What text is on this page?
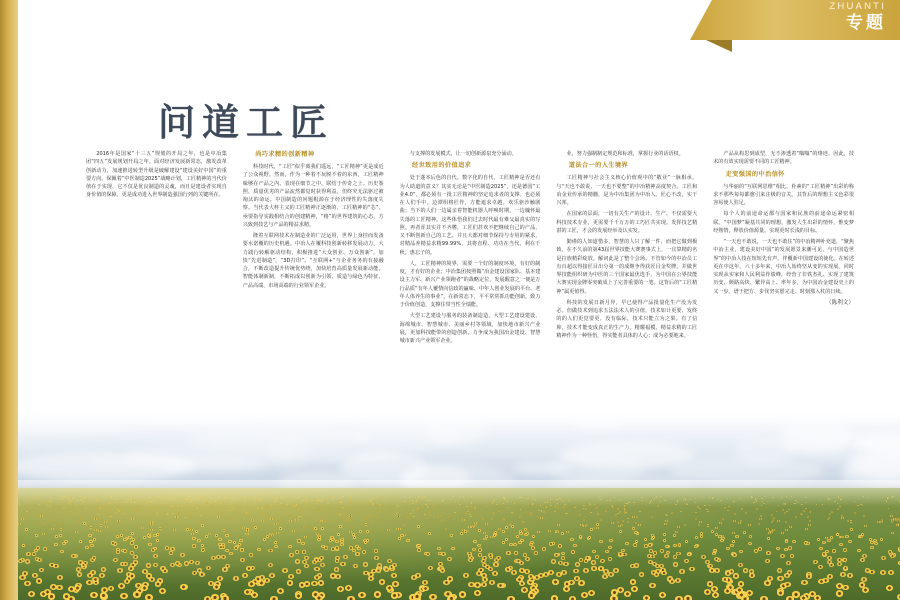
ZHUANTI
专题
问道工匠

2016年是国家“十三五”规划的开局之年，也是中冶集团“四五”发展规划开局之年。面对经济发展新常态，激发改革创新动力，加速推进转型升级是破解建设“建设美好中国”的重要方向。保额着“中医制造2025”战略计划，工匠精神的当代价值在于实现，它不仅是优良制造的灵魂，而且是建设者实现自身价值的保障，更是成功进入世界制造强国行列的关键所在。

尚巧求精的创新精神

科技时代，“工匠”似乎离我们遥远，“工匠精神”更是成近了公众视野。然而，作为一种着不玩脱不着的东西，工匠精神味够在产品之内、表现在细节之中、联结于传奇之上。历史鉴照，质量优劣的产品流然都觉时获得利益，但终究无法驱过被淘汰的命运。中国制造的问题根源在于经济理性的失落度失察。当代表大杯主义的工匠精神正逐渐的，工匠精神的“芯”，亟要指导实践相结合的创建精神，“格”的世界建筑的心态，方兴致到技艺与产品的精益求精。

隆着互联网技术在制造业的广泛运用，世界上身挂而发备要水诺覆的历史机遇。中冶人在覆科技创新转移发展动力，大力践行转解驱动结构，积极推进“大众创业、万众创新”，加快“先进制造”、“3D打印”、“互联网+”与企业务务的有接融合，不断改造提升传统优势绕，加快培育高质量发展新动能。智能体制新制，不断拓成以创新为引领、质造与绿色为特征、产品高端、市场高端的行业领军企业。

与支撑的发展模式，让一切创新源泉充分涌动。

经世致用的价值追求

处于蓬本后色的自代。数字化的自代，工匠精神是否还有为人助道的意义？其实无论是“中医制造2025”，还是德国“工业4.0”，都必须有一批工匠精神的坚定追求者的支撑。也必须在人们手中。边潭组格匠作，方能遮求卓越。欢乐驱沙触剧曲；当下的人们一边属亲着智能机器人呼唤时期，一边魄怀最失落的工匠精神。这些体悟我们过去时代最有难父最真实的写照。再者浑其实并不齐嗜，工匠们甚欢不把继续自己的产品，又不断创新自己的工艺。并且大都对细节保持与专用的紧求，对精品养精益求精99.99%，其将直程、功功在当代、利在千秋。惠忘子的。

人，工匠精神的境界，需要一个好的制度环境，有好的制度，才有好的企业；中冶集团按照做“冶金建设国家队、基本建设主力军、新兴产业领跑者”的战略定位，发展醒意之一便是万行品质“有年人覆情向信政的赢味、中年人创业发展的平台、老年人体养生的事业”。在新常态下，平平常常抓功能创新，致力于价值创造，支撑住带当性全绩能。

大型工艺建设与服务的装备制造造，大型工艺建设建设、海绵城市、智慧城市、美丽乡村等领域，加快地市新兴产业展，更加科技能带的创造创新。力争成为我国冶金建设、智慧城市新兴产业领军企业。

业，努力强制制定规范和标准，掌握行业的话语权。

道法合一的人生境界

工匠精神与社会主义核心价值观中的“敬业”一脉相承。与“天也不敢说，一天也不要整”的中冶精神高度契合。工匠和冶金业传承的精髓，是为中冶集团为中冶人。匠心不改，实干兴邦。

在国家的层面，一切有关生产的设计、生产、不仅需要大科技技术专业，更需要千千万万的工巧匠共实现。发挥技艺精湛的工匠，才会的发展经举及认实发。

勤谨的人知道惜多，智慧的人只了解一件，而把它做到极致。在不久前的第43届世界技能大赛赛事式上，一宜算精的名是拉族精彩绽放。解词此是了整个会场。不管如今的中冶员工有百超以得接匠目出分第一的成继争得获匠目金奖牌，并做世界技能组织研为中医的三个国家最优选手。为中国在公界技能大赛实现金牌零突破成上了完善重要的一笔。这背后的“工匠精神”属更值得。

科技的发展日新月异，早已使得产品批量化生产没为发必。但做技术到追求五法法术人的引值，技术如计更要、发终的的人们更觉要更。没有临际，技术只能立为之果。有了信仰，技术才能变成真正的生产力。精耀福模、精益求精的工匠精神作为一种怪悟，得实能者具体的人心；成为必要地来。

产品从构思到成型，无不渗透着“嗡嗡”的烙迹。因此，技术的有效实现需要不同的工匠精神。

走变强国的中治信怀

与华丽的“互联网思维”相比，朴素的“工匠精神”出彩的称求不那些每每都愈引来注极的音关。其背后的理想主义色彩很容易使人驻足。

每个人的前途命运都与国家和民族的前途命运紧密相联。“中国梦”凝基共同的理想，激发人生出彩的情怀，惟变梦经熟情，释放价值源量，实现更时长浅的目标。

“一天也不敢说，一天也不敢住”的中冶精神补充道，“聚焦中冶主业，建设美好中国”的发展愿景来潮可见，与中国造世界”的中冶人技在短短先有声、伴覆新中国建设的使化。在转述更在中这年、六十多年来，中冶人始终坚从变的实现展。同时实现从实家和人民利益作绩峰，经营了非铁杰礼、实现了建筑历变、颜路高快、繁异高上、率年多，为中国冶金建设史上的又一步。谱于把方、步伐坚实愿完走、时刻那入杖的日续。

（陈利文）
